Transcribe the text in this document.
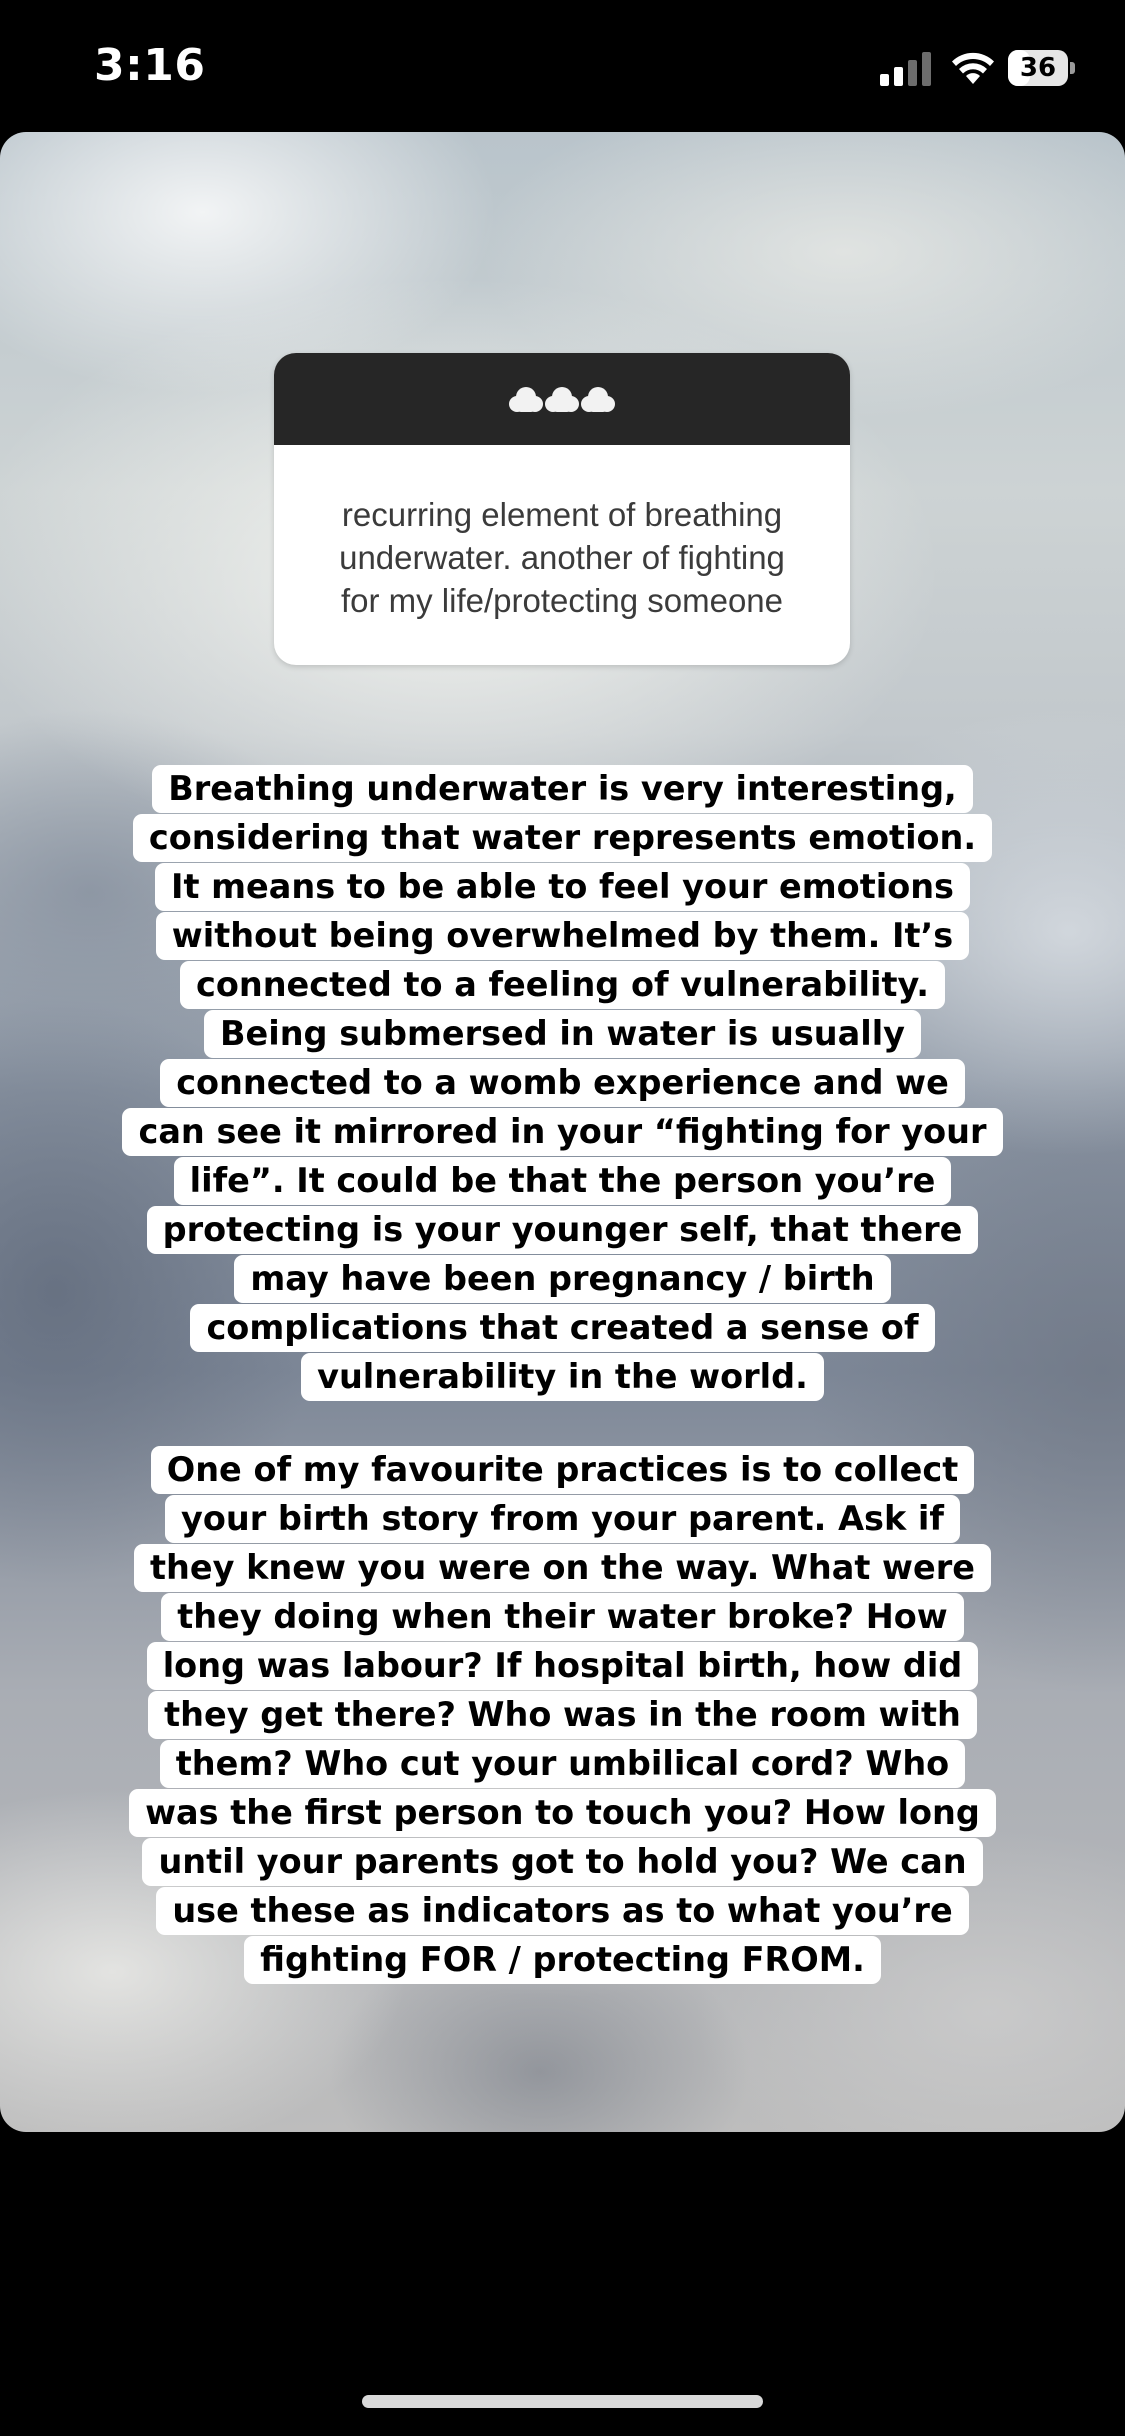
3:16	36
recurring element of breathing
underwater. another of fighting
for my life/protecting someone
Breathing underwater is very interesting,
considering that water represents emotion.
It means to be able to feel your emotions
without being overwhelmed by them. It’s
connected to a feeling of vulnerability.
Being submersed in water is usually
connected to a womb experience and we
can see it mirrored in your “fighting for your
life”. It could be that the person you’re
protecting is your younger self, that there
may have been pregnancy / birth
complications that created a sense of
vulnerability in the world.
One of my favourite practices is to collect
your birth story from your parent. Ask if
they knew you were on the way. What were
they doing when their water broke? How
long was labour? If hospital birth, how did
they get there? Who was in the room with
them? Who cut your umbilical cord? Who
was the first person to touch you? How long
until your parents got to hold you? We can
use these as indicators as to what you’re
fighting FOR / protecting FROM.
